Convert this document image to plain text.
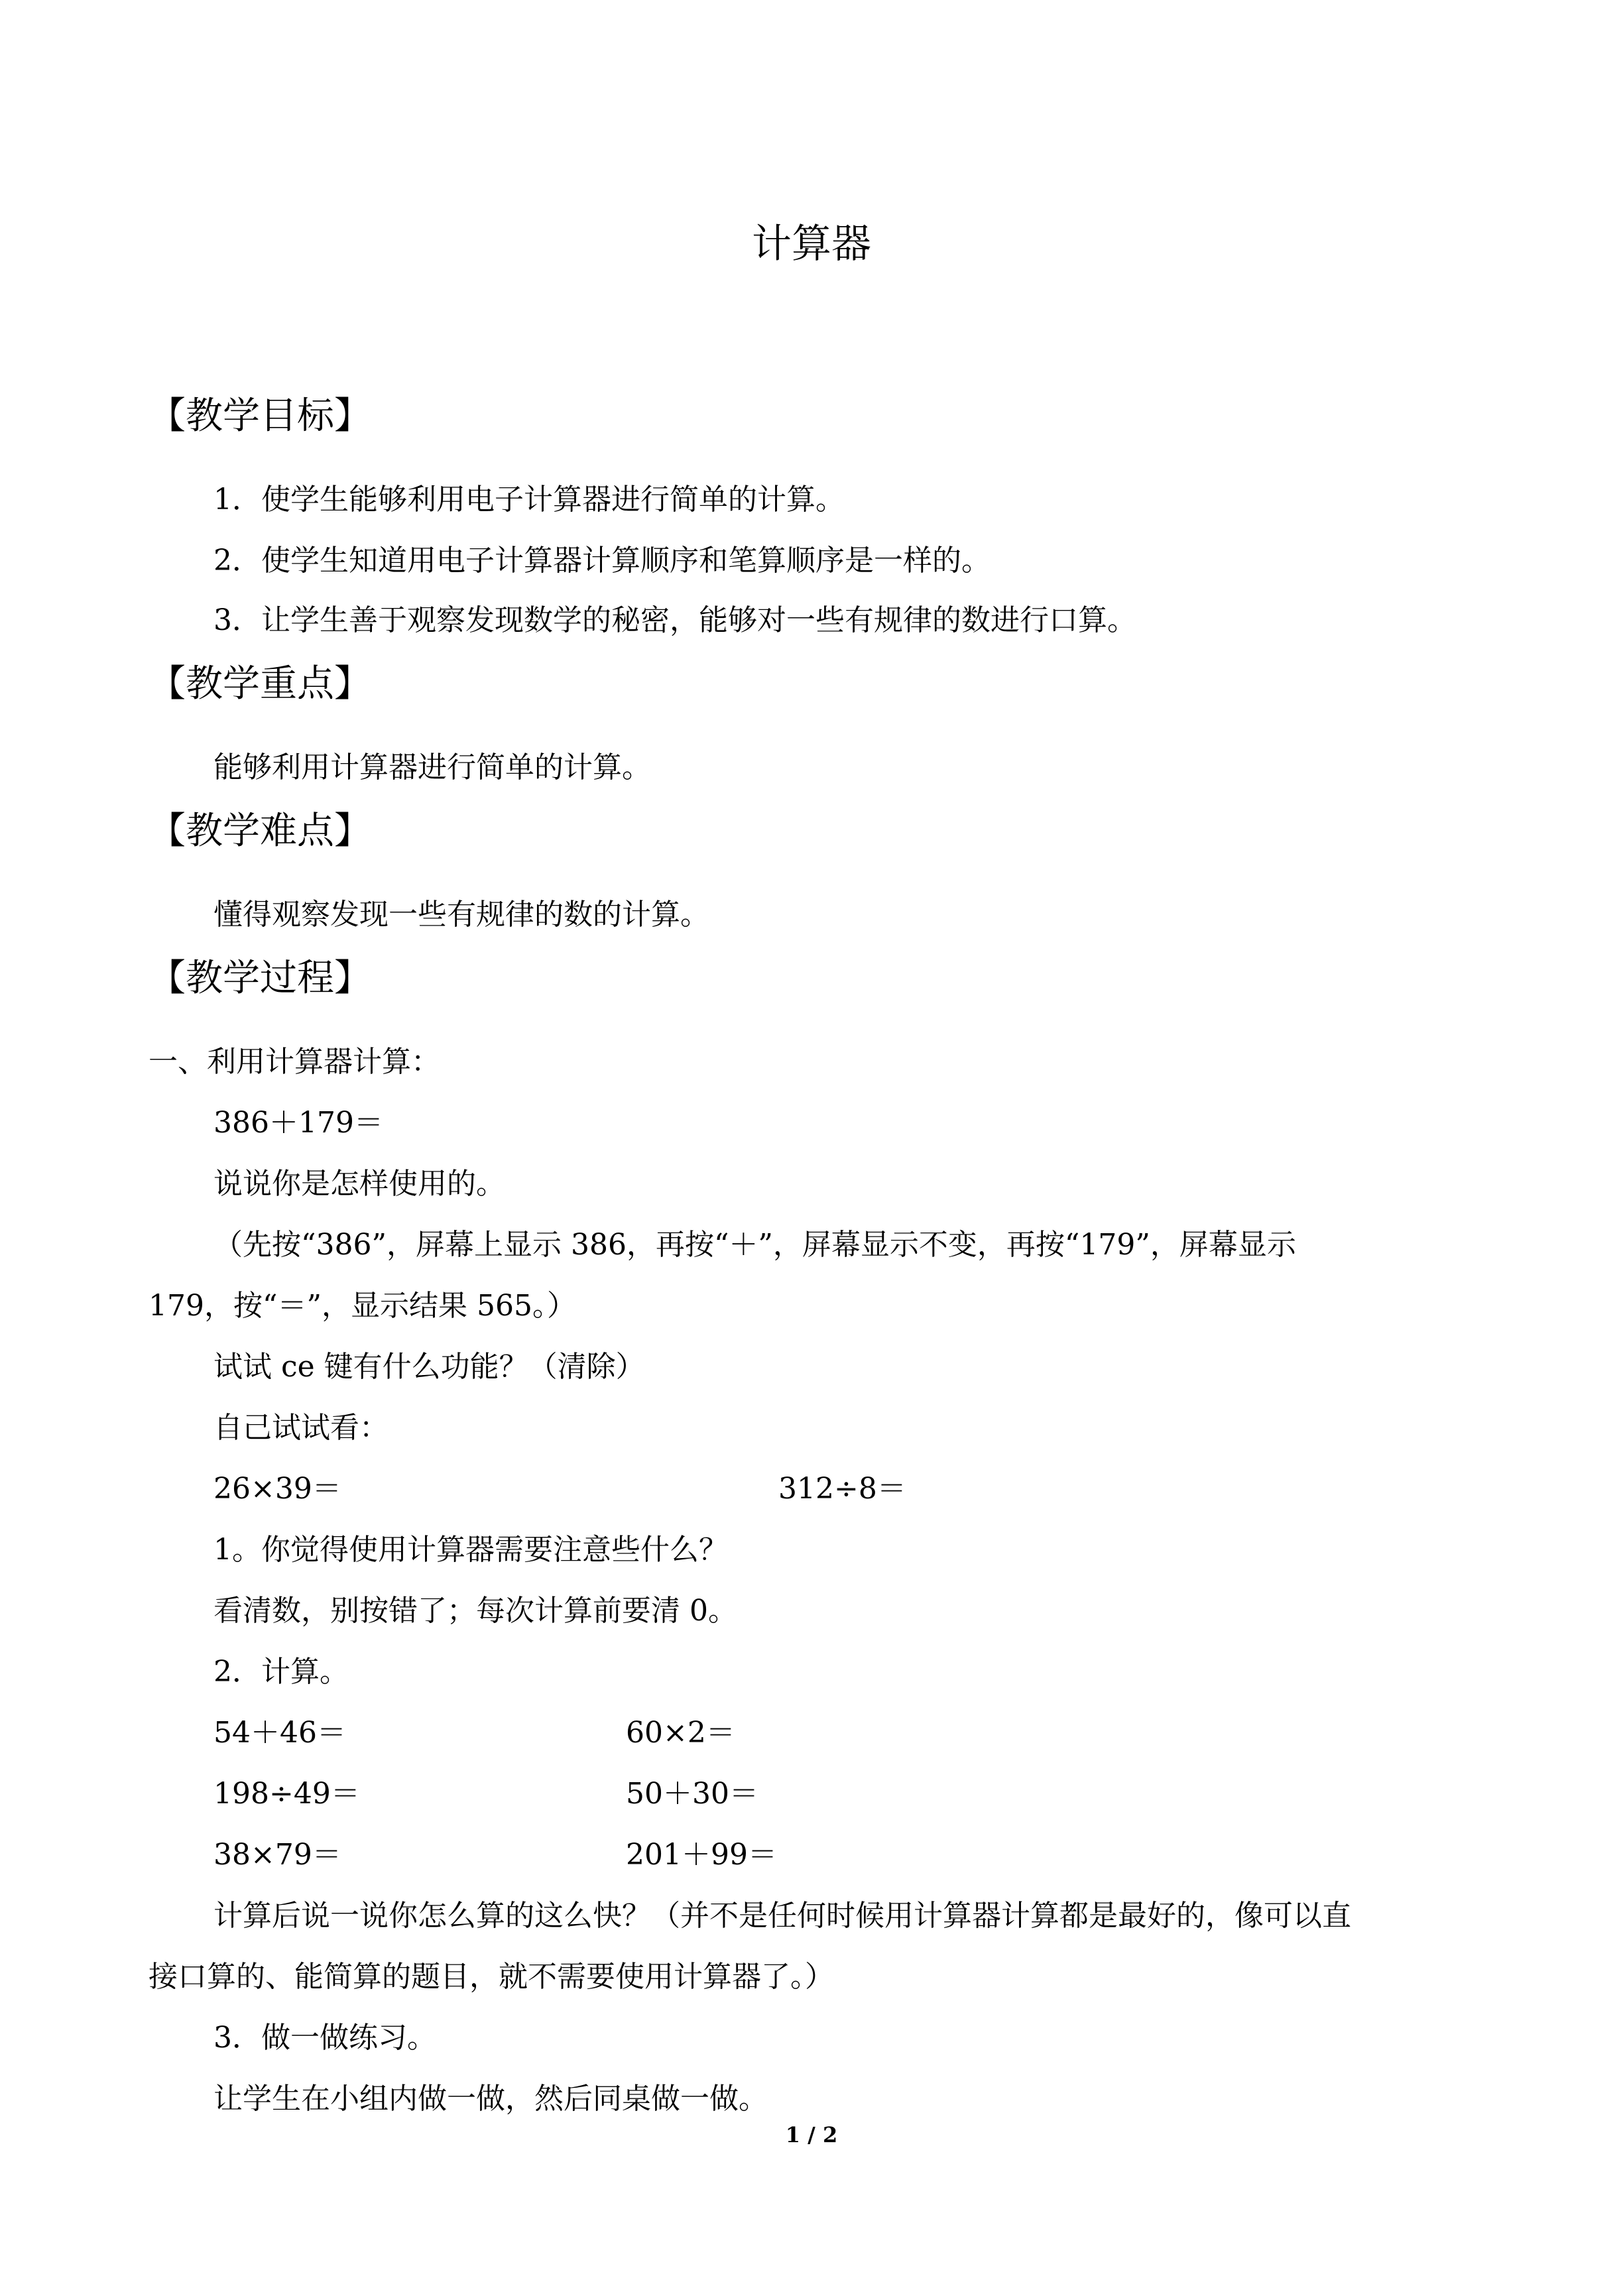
计算器
【教学目标】
1．使学生能够利用电子计算器进行简单的计算。
2．使学生知道用电子计算器计算顺序和笔算顺序是一样的。
3．让学生善于观察发现数学的秘密，能够对一些有规律的数进行口算。
【教学重点】
能够利用计算器进行简单的计算。
【教学难点】
懂得观察发现一些有规律的数的计算。
【教学过程】
一、利用计算器计算：
386＋179＝
说说你是怎样使用的。
（先按“386”，屏幕上显示 386，再按“＋”，屏幕显示不变，再按“179”，屏幕显示
179，按“＝”，显示结果 565。）
试试 ce 键有什么功能？（清除）
自己试试看：
26×39＝	312÷8＝
1。你觉得使用计算器需要注意些什么？
看清数，别按错了；每次计算前要清 0。
2．计算。
54＋46＝	60×2＝
198÷49＝	50＋30＝
38×79＝	201＋99＝
计算后说一说你怎么算的这么快？（并不是任何时候用计算器计算都是最好的，像可以直
接口算的、能简算的题目，就不需要使用计算器了。）
3．做一做练习。
让学生在小组内做一做，然后同桌做一做。
1 / 2
